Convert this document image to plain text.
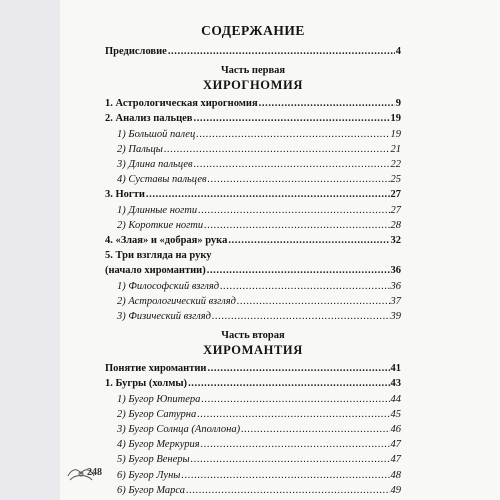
СОДЕРЖАНИЕ
Предисловие .....	4
Часть первая
ХИРОГНОМИЯ
1. Астрологическая хирогномия .....	9
2. Анализ пальцев .....	19
1) Большой палец .....	19
2) Пальцы .....	21
3) Длина пальцев .....	22
4) Суставы пальцев .....	25
3. Ногти .....	27
1) Длинные ногти .....	27
2) Короткие ногти .....	28
4. «Злая» и «добрая» рука .....	32
5. Три взгляда на руку
(начало хиромантии) .....	36
1) Философский взгляд .....	36
2) Астрологический взгляд .....	37
3) Физический взгляд .....	39
Часть вторая
ХИРОМАНТИЯ
Понятие хиромантии .....	41
1. Бугры (холмы) .....	43
1) Бугор Юпитера .....	44
2) Бугор Сатурна .....	45
3) Бугор Солнца (Аполлона) .....	46
4) Бугор Меркурия .....	47
5) Бугор Венеры .....	47
6) Бугор Луны .....	48
6) Бугор Марса .....	49
248
